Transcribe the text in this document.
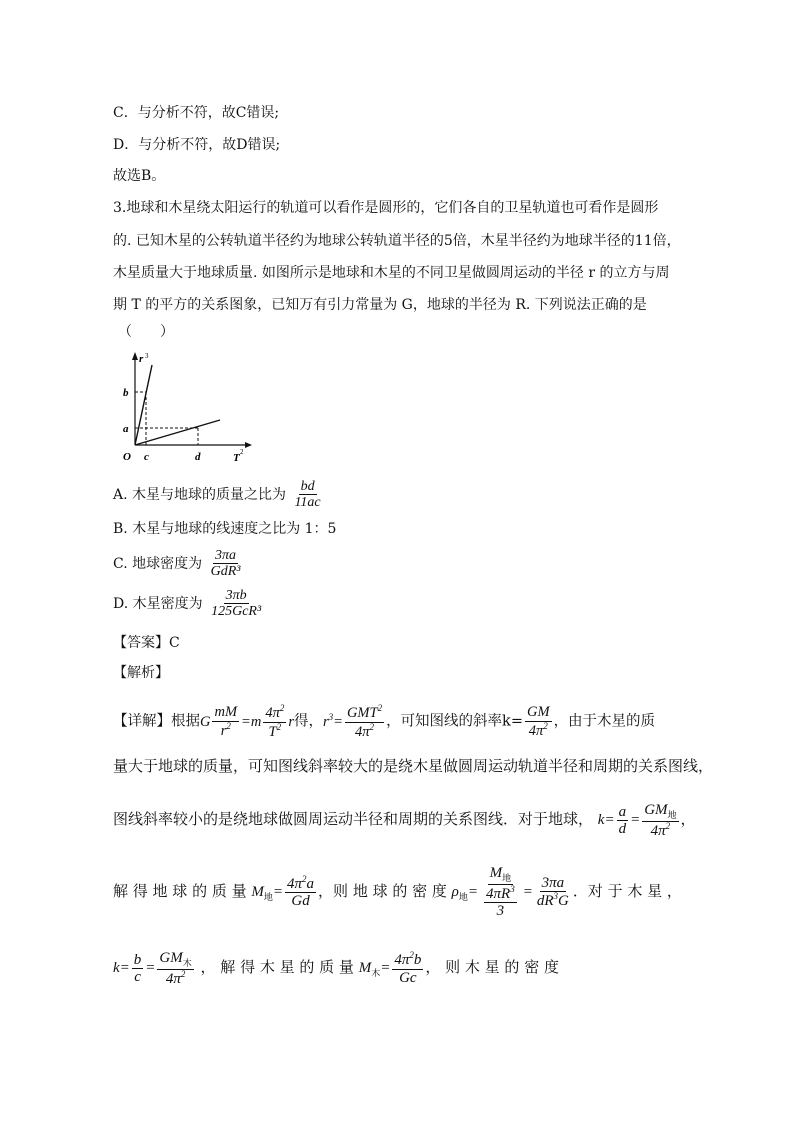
C．与分析不符，故C错误;
D．与分析不符，故D错误;
故选B。
3.地球和木星绕太阳运行的轨道可以看作是圆形的，它们各自的卫星轨道也可看作是圆形
的. 已知木星的公转轨道半径约为地球公转轨道半径的5倍，木星半径约为地球半径的11倍，
木星质量大于地球质量. 如图所示是地球和木星的不同卫星做圆周运动的半径 r 的立方与周
期 T 的平方的关系图象，已知万有引力常量为 G，地球的半径为 R. 下列说法正确的是
（　　）
r 3
T 2
O
b
a
c	d
A. 木星与地球的质量之比为 $\frac{bd}{11ac}$
B. 木星与地球的线速度之比为 1：5
C. 地球密度为 $\frac{3\pi a}{\text{GdR³}}$
D. 木星密度为 $\frac{3\pi b}{\text{125GcR³}}$
【答案】C
【解析】
【详解】根据G $\frac{mM}{r^2} =m \frac{4\pi^2}{T^2}$ r得，$r^3= \frac{GMT^2}{4\pi^2}$ ，可知图线的斜率$k= \frac{GM}{4\pi^2}$ ，由于木星的质
量大于地球的质量，可知图线斜率较大的是绕木星做圆周运动轨道半径和周期的关系图线，
图线斜率较小的是绕地球做圆周运动半径和周期的关系图线．对于地球， $k= \frac{a}{d} = \frac{GM_地}{4\pi^2}$ ，
解 得 地 球 的 质 量 $M_地= \frac{4\pi^2a}{Gd}$ ，则 地 球 的 密 度 $\rho_地= \frac{M_地}{\frac{4\pi R^3}{3}} = \frac{3\pi a}{dR^3G}$ ．对 于 木 星 ，
$k= \frac{b}{c} = \frac{GM_木}{4\pi^2}$ ， 解 得 木 星 的 质 量 $M_木= \frac{4\pi^2b}{Gc}$ ， 则 木 星 的 密 度
